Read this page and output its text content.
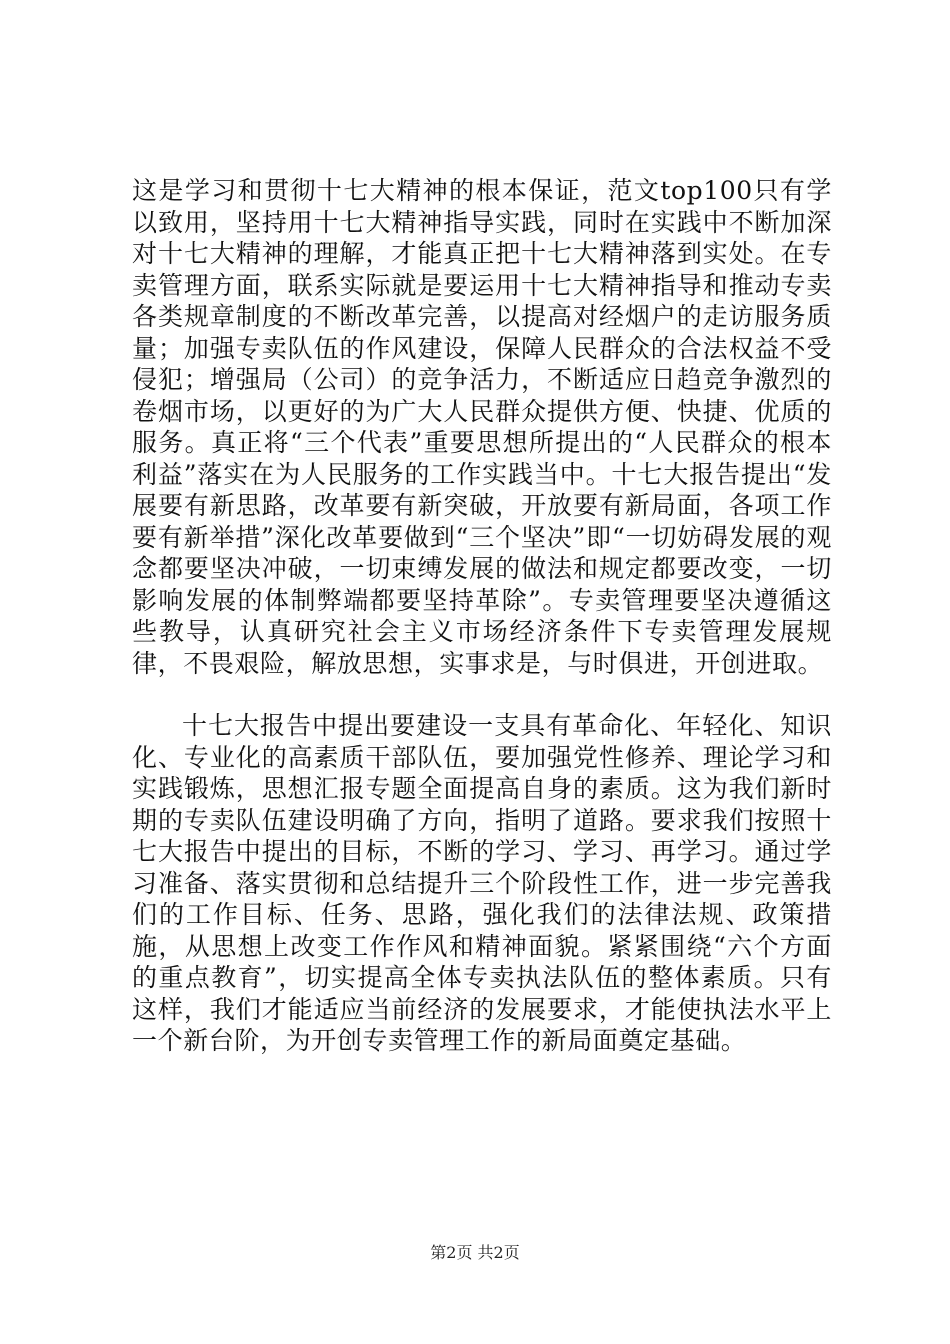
这是学习和贯彻十七大精神的根本保证，范文top100只有学以致用，坚持用十七大精神指导实践，同时在实践中不断加深对十七大精神的理解，才能真正把十七大精神落到实处。在专卖管理方面，联系实际就是要运用十七大精神指导和推动专卖各类规章制度的不断改革完善，以提高对经烟户的走访服务质量；加强专卖队伍的作风建设，保障人民群众的合法权益不受侵犯；增强局（公司）的竞争活力，不断适应日趋竞争激烈的卷烟市场，以更好的为广大人民群众提供方便、快捷、优质的服务。真正将“三个代表”重要思想所提出的“人民群众的根本利益”落实在为人民服务的工作实践当中。十七大报告提出“发展要有新思路，改革要有新突破，开放要有新局面，各项工作要有新举措”深化改革要做到“三个坚决”即“一切妨碍发展的观念都要坚决冲破，一切束缚发展的做法和规定都要改变，一切影响发展的体制弊端都要坚持革除”。专卖管理要坚决遵循这些教导，认真研究社会主义市场经济条件下专卖管理发展规律，不畏艰险，解放思想，实事求是，与时俱进，开创进取。

十七大报告中提出要建设一支具有革命化、年轻化、知识化、专业化的高素质干部队伍，要加强党性修养、理论学习和实践锻炼，思想汇报专题全面提高自身的素质。这为我们新时期的专卖队伍建设明确了方向，指明了道路。要求我们按照十七大报告中提出的目标，不断的学习、学习、再学习。通过学习准备、落实贯彻和总结提升三个阶段性工作，进一步完善我们的工作目标、任务、思路，强化我们的法律法规、政策措施，从思想上改变工作作风和精神面貌。紧紧围绕“六个方面的重点教育”，切实提高全体专卖执法队伍的整体素质。只有这样，我们才能适应当前经济的发展要求，才能使执法水平上一个新台阶，为开创专卖管理工作的新局面奠定基础。

第2页 共2页
